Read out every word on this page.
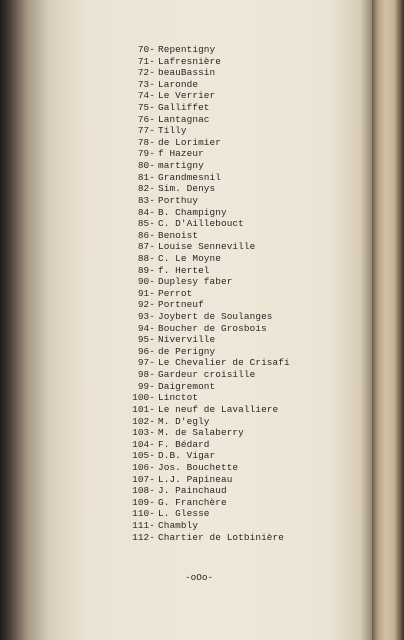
70- Repentigny
71- Lafresnière
72- beauBassin
73- Laronde
74- Le Verrier
75- Galliffet
76- Lantagnac
77- Tilly
78- de Lorimier
79- f Hazeur
80- martigny
81- Grandmesnil
82- Sim. Denys
83- Porthuy
84- B. Champigny
85- C. D'Aillebouct
86- Benoist
87- Louise Senneville
88- C. Le Moyne
89- f. Hertel
90- Duplesy faber
91- Perrot
92- Portneuf
93- Joybert de Soulanges
94- Boucher de Grosbois
95- Niverville
96- de Perigny
97- Le Chevalier de Crisafi
98- Gardeur croisille
99- Daigremont
100- Linctot
101- Le neuf de Lavalliere
102- M. D'egly
103- M. de Salaberry
104- F. Bédard
105- D.B. Vigar
106- Jos. Bouchette
107- L.J. Papineau
108- J. Painchaud
109- G. Franchère
110- L. Glesse
111- Chambly
112- Chartier de Lotbinière
-oOo-
